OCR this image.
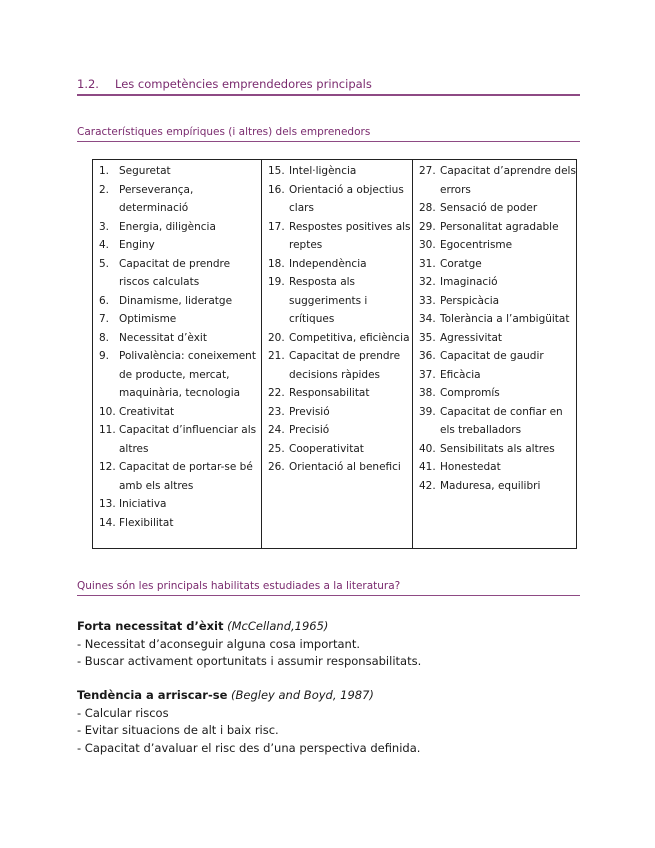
1.2. Les competències emprendedores principals
Característiques empíriques (i altres) dels emprenedors
1. Seguretat
2. Perseverança, determinació
3. Energia, diligència
4. Enginy
5. Capacitat de prendre riscos calculats
6. Dinamisme, lideratge
7. Optimisme
8. Necessitat d’èxit
9. Polivalència: coneixement de producte, mercat, maquinària, tecnologia
10. Creativitat
11. Capacitat d’influenciar als altres
12. Capacitat de portar-se bé amb els altres
13. Iniciativa
14. Flexibilitat
15. Intel·ligència
16. Orientació a objectius clars
17. Respostes positives als reptes
18. Independència
19. Resposta als suggeriments i crítiques
20. Competitiva, eficiència
21. Capacitat de prendre decisions ràpides
22. Responsabilitat
23. Previsió
24. Precisió
25. Cooperativitat
26. Orientació al benefici
27. Capacitat d’aprendre dels errors
28. Sensació de poder
29. Personalitat agradable
30. Egocentrisme
31. Coratge
32. Imaginació
33. Perspicàcia
34. Tolerància a l’ambigüitat
35. Agressivitat
36. Capacitat de gaudir
37. Eficàcia
38. Compromís
39. Capacitat de confiar en els treballadors
40. Sensibilitats als altres
41. Honestedat
42. Maduresa, equilibri
Quines són les principals habilitats estudiades a la literatura?
Forta necessitat d’èxit (McCelland,1965)
- Necessitat d’aconseguir alguna cosa important.
- Buscar activament oportunitats i assumir responsabilitats.
Tendència a arriscar-se (Begley and Boyd, 1987)
- Calcular riscos
- Evitar situacions de alt i baix risc.
- Capacitat d’avaluar el risc des d’una perspectiva definida.
